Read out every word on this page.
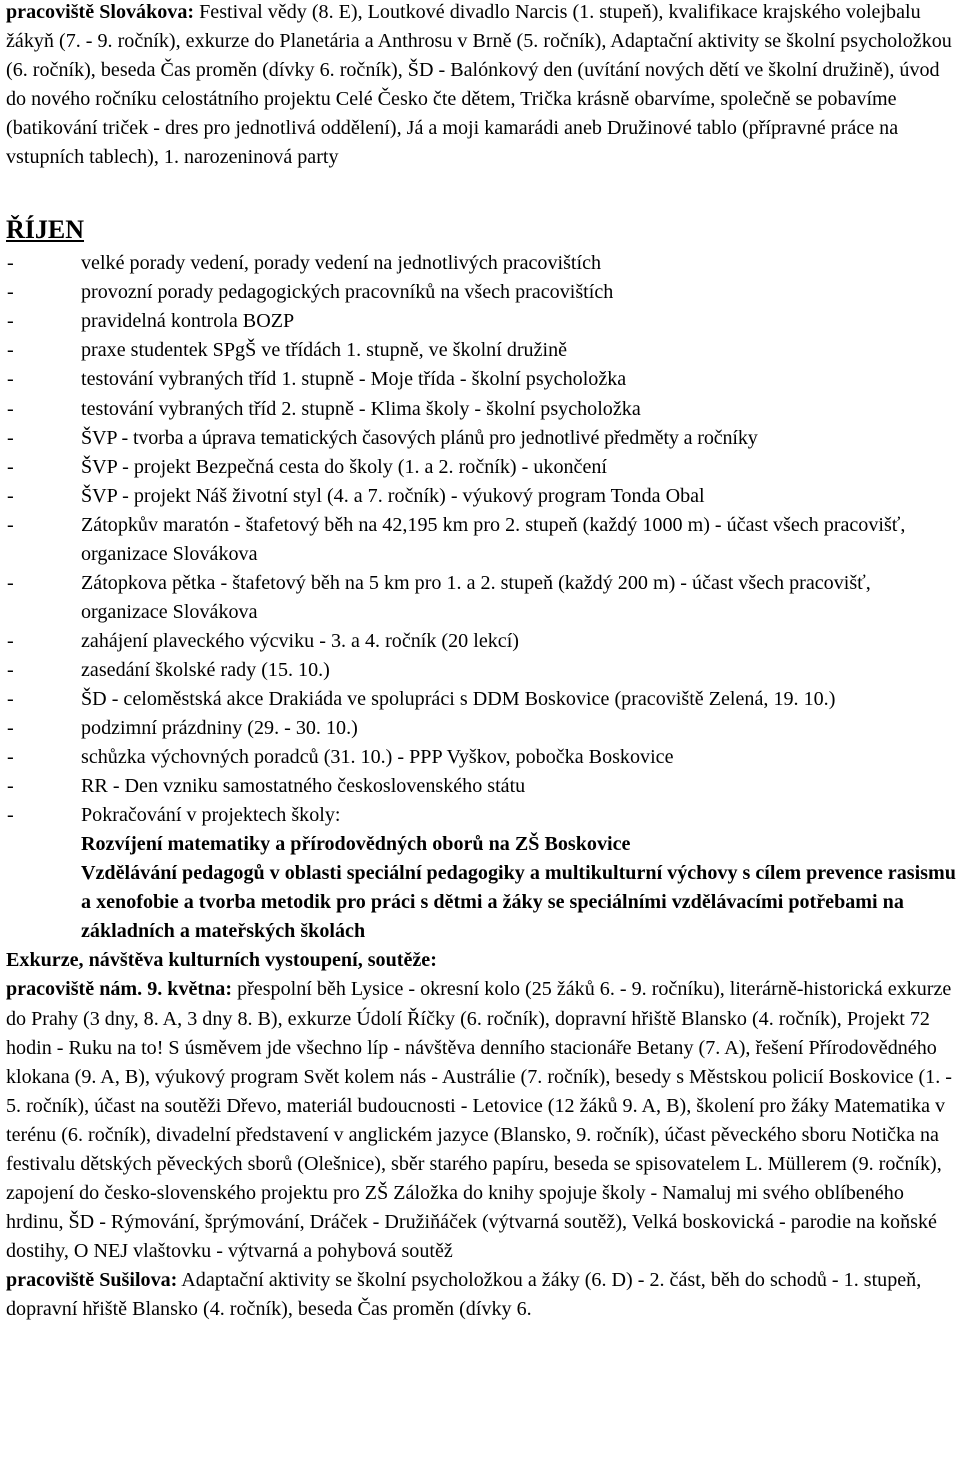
pracoviště Slovákova: Festival vědy (8. E), Loutkové divadlo Narcis (1. stupeň), kvalifikace krajského volejbalu žákyň (7. - 9. ročník), exkurze do Planetária a Anthrosu v Brně (5. ročník), Adaptační aktivity se školní psycholožkou (6. ročník), beseda Čas proměn (dívky 6. ročník), ŠD - Balónkový den (uvítání nových dětí ve školní družině), úvod do nového ročníku celostátního projektu Celé Česko čte dětem, Trička krásně obarvíme, společně se pobavíme (batikování triček - dres pro jednotlivá oddělení), Já a moji kamarádi aneb Družinové tablo (přípravné práce na vstupních tablech), 1. narozeninová party

ŘÍJEN

-	velké porady vedení, porady vedení na jednotlivých pracovištích
-	provozní porady pedagogických pracovníků na všech pracovištích
-	pravidelná kontrola BOZP
-	praxe studentek SPgŠ ve třídách 1. stupně, ve školní družině
-	testování vybraných tříd 1. stupně - Moje třída - školní psycholožka
-	testování vybraných tříd 2. stupně - Klima školy - školní psycholožka
-	ŠVP - tvorba a úprava tematických časových plánů pro jednotlivé předměty a ročníky
-	ŠVP - projekt Bezpečná cesta do školy (1. a 2. ročník) - ukončení
-	ŠVP - projekt Náš životní styl (4. a 7. ročník) - výukový program Tonda Obal
-	Zátopkův maratón - štafetový běh na 42,195 km pro 2. stupeň (každý 1000 m) - účast všech pracovišť, organizace Slovákova
-	Zátopkova pětka - štafetový běh na 5 km pro 1. a 2. stupeň (každý 200 m) - účast všech pracovišť, organizace Slovákova
-	zahájení plaveckého výcviku - 3. a 4. ročník (20 lekcí)
-	zasedání školské rady (15. 10.)
-	ŠD - celoměstská akce Drakiáda ve spolupráci s DDM Boskovice (pracoviště Zelená, 19. 10.)
-	podzimní prázdniny (29. - 30. 10.)
-	schůzka výchovných poradců (31. 10.) - PPP Vyškov, pobočka Boskovice
-	RR - Den vzniku samostatného československého státu
-	Pokračování v projektech školy:
Rozvíjení matematiky a přírodovědných oborů na ZŠ Boskovice
Vzdělávání pedagogů v oblasti speciální pedagogiky a multikulturní výchovy s cílem prevence rasismu a xenofobie a tvorba metodik pro práci s dětmi a žáky se speciálními vzdělávacími potřebami na základních a mateřských školách

Exkurze, návštěva kulturních vystoupení, soutěže:

pracoviště nám. 9. května: přespolní běh Lysice - okresní kolo (25 žáků 6. - 9. ročníku), literárně-historická exkurze do Prahy (3 dny, 8. A, 3 dny 8. B), exkurze Údolí Říčky (6. ročník), dopravní hřiště Blansko (4. ročník), Projekt 72 hodin - Ruku na to! S úsměvem jde všechno líp - návštěva denního stacionáře Betany (7. A), řešení Přírodovědného klokana (9. A, B), výukový program Svět kolem nás - Austrálie (7. ročník), besedy s Městskou policií Boskovice (1. - 5. ročník), účast na soutěži Dřevo, materiál budoucnosti - Letovice (12 žáků 9. A, B), školení pro žáky Matematika v terénu (6. ročník), divadelní představení v anglickém jazyce (Blansko, 9. ročník), účast pěveckého sboru Notička na festivalu dětských pěveckých sborů (Olešnice), sběr starého papíru, beseda se spisovatelem L. Müllerem (9. ročník), zapojení do česko-slovenského projektu pro ZŠ Záložka do knihy spojuje školy - Namaluj mi svého oblíbeného hrdinu, ŠD - Rýmování, šprýmování, Dráček - Družiňáček (výtvarná soutěž), Velká boskovická - parodie na koňské dostihy, O NEJ vlaštovku - výtvarná a pohybová soutěž

pracoviště Sušilova: Adaptační aktivity se školní psycholožkou a žáky (6. D) - 2. část, běh do schodů - 1. stupeň, dopravní hřiště Blansko (4. ročník), beseda Čas proměn (dívky 6.
